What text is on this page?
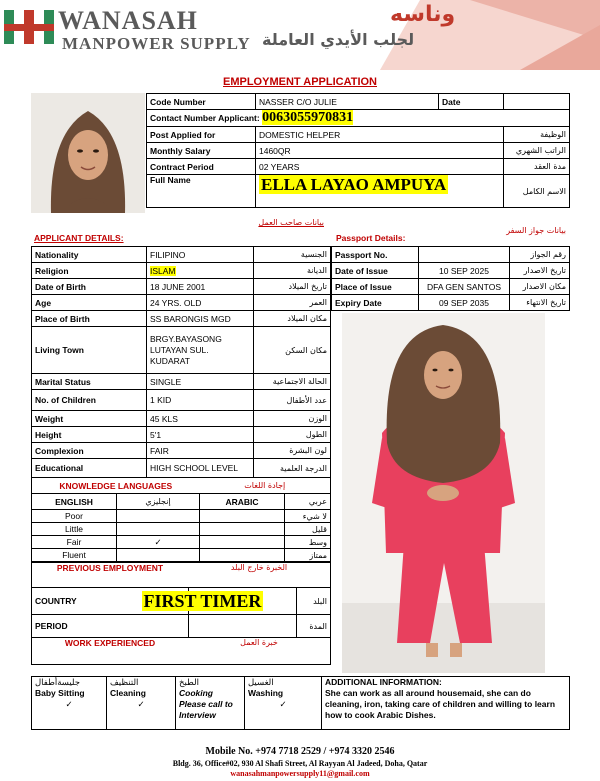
WANASAH
MANPOWER SUPPLY
وناسه
لجلب الأيدي العاملة
EMPLOYMENT APPLICATION
Code Number	NASSER C/O JULIE	Date	
Contact Number Applicant: 0063055970831			
Post Applied for	DOMESTIC HELPER		الوظيفة
Monthly Salary	1460QR		الراتب الشهري
Contract Period	02 YEARS		مدة العقد
Full Name	ELLA LAYAO AMPUYA		الاسم الكامل
APPLICANT DETAILS:
بيانات صاحب العمل
Passport Details:
بيانات جواز السفر
Nationality	FILIPINO	الجنسية
Religion	ISLAM	الديانة
Date of Birth	18 JUNE 2001	تاريخ الميلاد
Age	24 YRS. OLD	العمر
Place of Birth	SS BARONGIS MGD	مكان الميلاد
Living Town	BRGY.BAYASONG
LUTAYAN SUL.
KUDARAT	مكان السكن
Marital Status	SINGLE	الحالة الاجتماعية
No. of Children	1 KID	عدد الأطفال
Weight	45 KLS	الوزن
Height	5'1	الطول
Complexion	FAIR	لون البشرة
Educational	HIGH SCHOOL LEVEL	الدرجة العلمية
Passport No.		رقم الجواز
Date of Issue	10 SEP 2025	تاريخ الاصدار
Place of Issue	DFA GEN SANTOS	مكان الاصدار
Expiry Date	09 SEP 2035	تاريخ الانتهاء
KNOWLEDGE LANGUAGES		إجادة اللغات	
ENGLISH	إنجليزي	ARABIC	عربي
Poor			لا شيء
Little			قليل
Fair	✓		وسط
Fluent			ممتاز
PREVIOUS EMPLOYMENT	الخبرة خارج البلد	
COUNTRY	FIRST TIMER	البلد
PERIOD		المدة
WORK EXPERIENCED	خبرة العمل	
جليسةأطفال
Baby Sitting
✓

التنظيف
Cleaning
✓

الطبخ
Cooking
Please call to
Interview

الغسيل
Washing
✓

ADDITIONAL INFORMATION:
She can work as all around housemaid, she can do cleaning, iron, taking care of children and willing to learn how to cook Arabic Dishes.
Mobile No. +974 7718 2529 / +974 3320 2546
Bldg. 36, Office#02, 930 Al Shafi Street, Al Rayyan Al Jadeed, Doha, Qatar
wanasahmanpowersupply11@gmail.com
